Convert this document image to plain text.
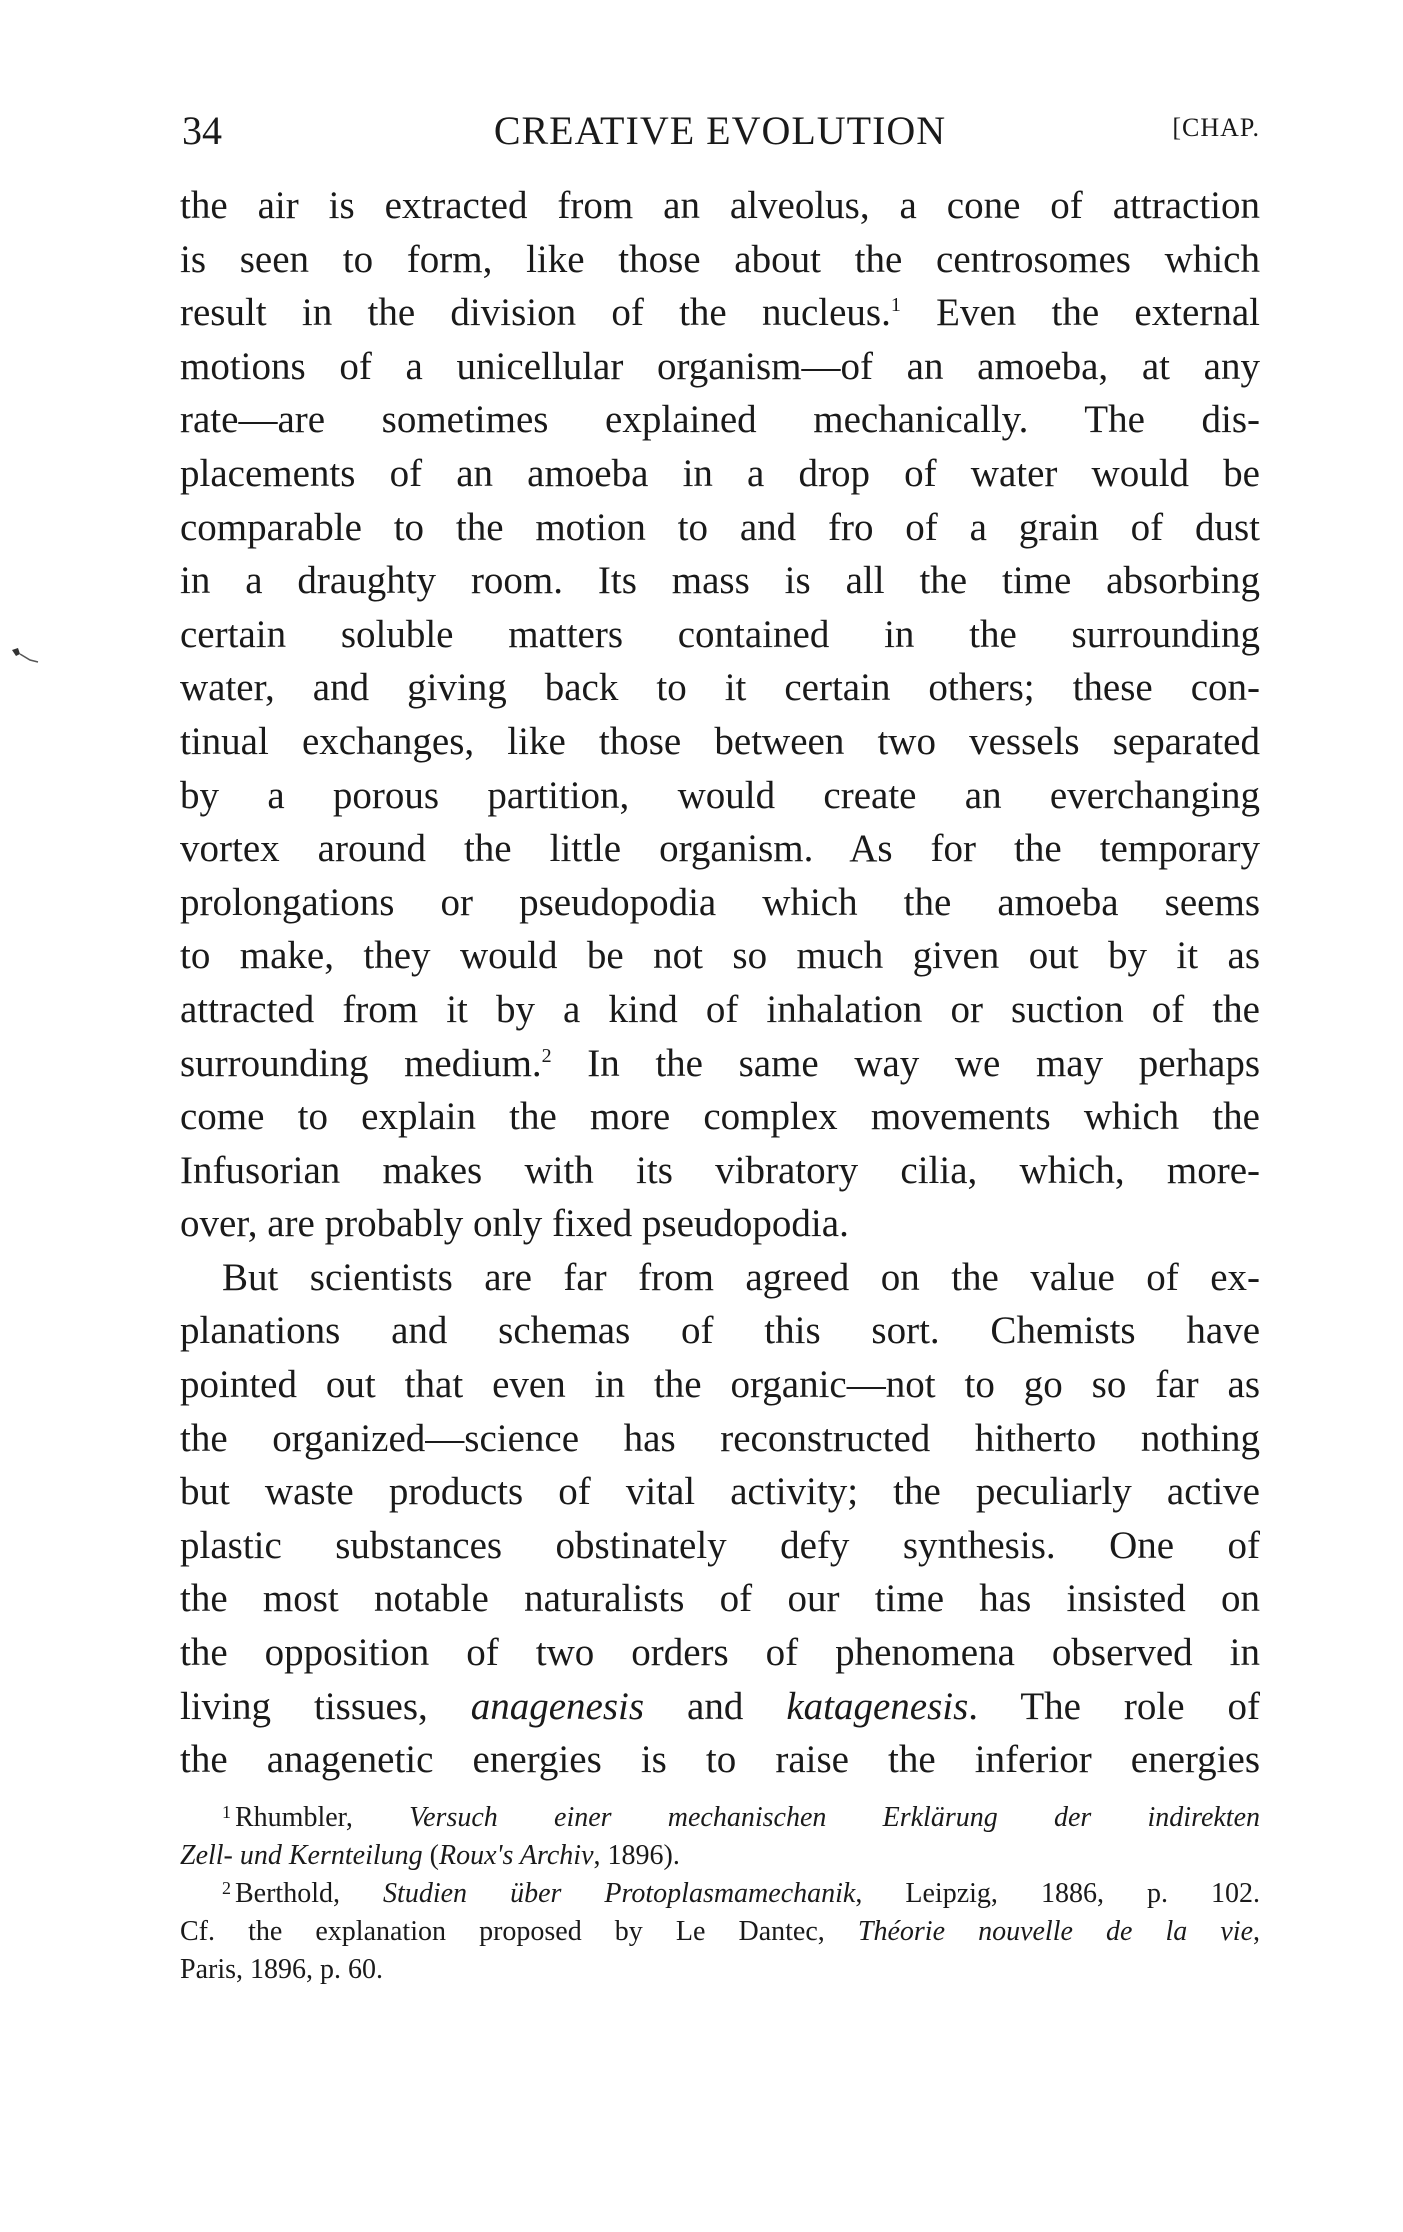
34	CREATIVE EVOLUTION	[CHAP.

the air is extracted from an alveolus, a cone of attraction
is seen to form, like those about the centrosomes which
result in the division of the nucleus.$^1$ Even the external
motions of a unicellular organism—of an amoeba, at any
rate—are sometimes explained mechanically. The dis-
placements of an amoeba in a drop of water would be
comparable to the motion to and fro of a grain of dust
in a draughty room. Its mass is all the time absorbing
certain soluble matters contained in the surrounding
water, and giving back to it certain others; these con-
tinual exchanges, like those between two vessels separated
by a porous partition, would create an everchanging
vortex around the little organism. As for the temporary
prolongations or pseudopodia which the amoeba seems
to make, they would be not so much given out by it as
attracted from it by a kind of inhalation or suction of the
surrounding medium.$^2$ In the same way we may perhaps
come to explain the more complex movements which the
Infusorian makes with its vibratory cilia, which, more-
over, are probably only fixed pseudopodia.

But scientists are far from agreed on the value of ex-
planations and schemas of this sort. Chemists have
pointed out that even in the organic—not to go so far as
the organized—science has reconstructed hitherto nothing
but waste products of vital activity; the peculiarly active
plastic substances obstinately defy synthesis. One of
the most notable naturalists of our time has insisted on
the opposition of two orders of phenomena observed in
living tissues, anagenesis and katagenesis. The role of
the anagenetic energies is to raise the inferior energies

$^1$ Rhumbler, Versuch einer mechanischen Erklärung der indirekten
Zell- und Kernteilung (Roux's Archiv, 1896).
$^2$ Berthold, Studien über Protoplasmamechanik, Leipzig, 1886, p. 102.
Cf. the explanation proposed by Le Dantec, Théorie nouvelle de la vie,
Paris, 1896, p. 60.
